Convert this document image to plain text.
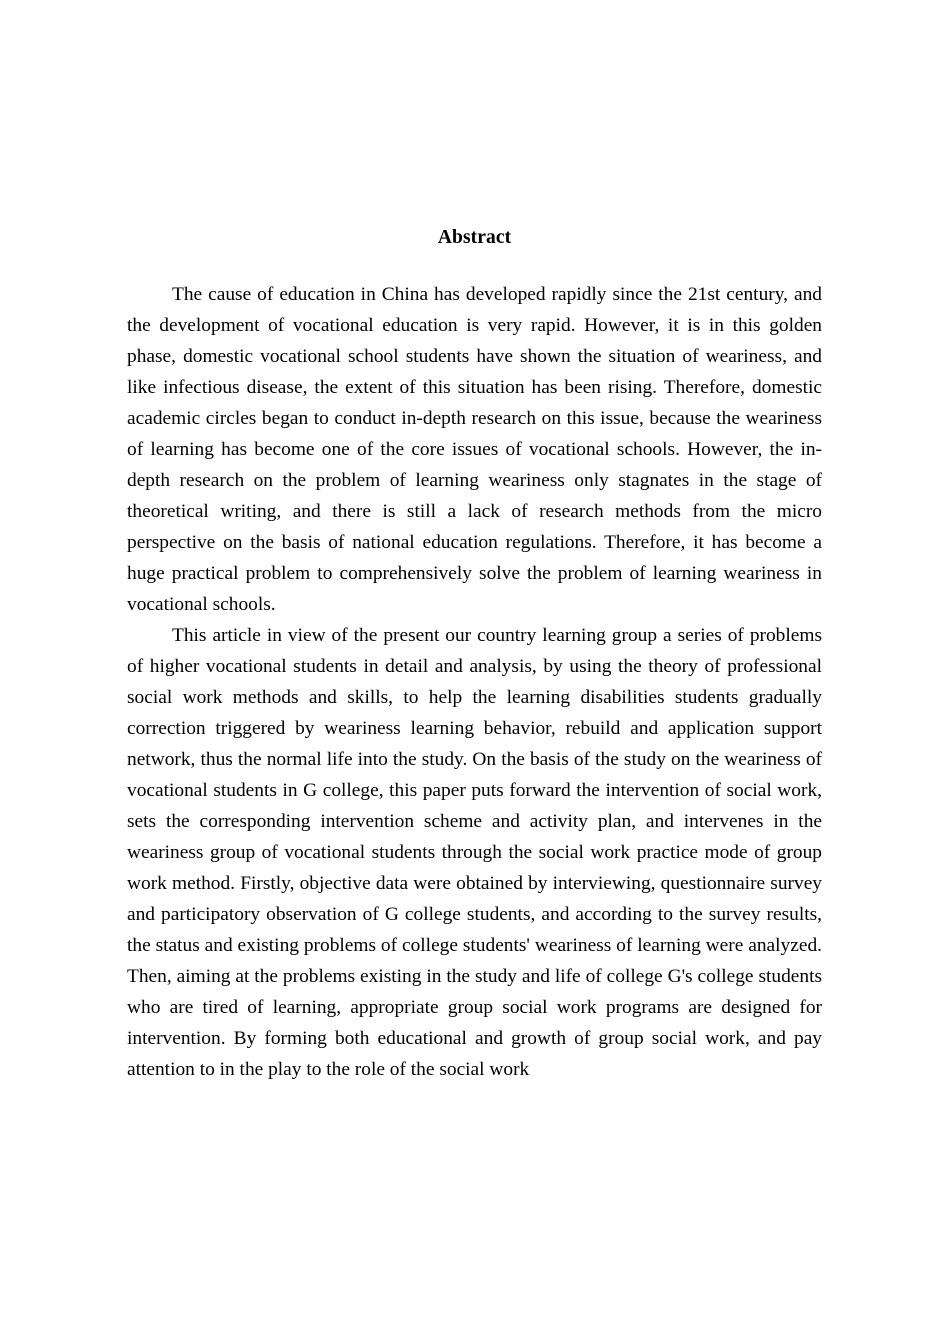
Abstract

The cause of education in China has developed rapidly since the 21st century, and the development of vocational education is very rapid. However, it is in this golden phase, domestic vocational school students have shown the situation of weariness, and like infectious disease, the extent of this situation has been rising. Therefore, domestic academic circles began to conduct in-depth research on this issue, because the weariness of learning has become one of the core issues of vocational schools. However, the in-depth research on the problem of learning weariness only stagnates in the stage of theoretical writing, and there is still a lack of research methods from the micro perspective on the basis of national education regulations. Therefore, it has become a huge practical problem to comprehensively solve the problem of learning weariness in vocational schools.

This article in view of the present our country learning group a series of problems of higher vocational students in detail and analysis, by using the theory of professional social work methods and skills, to help the learning disabilities students gradually correction triggered by weariness learning behavior, rebuild and application support network, thus the normal life into the study. On the basis of the study on the weariness of vocational students in G college, this paper puts forward the intervention of social work, sets the corresponding intervention scheme and activity plan, and intervenes in the weariness group of vocational students through the social work practice mode of group work method. Firstly, objective data were obtained by interviewing, questionnaire survey and participatory observation of G college students, and according to the survey results, the status and existing problems of college students' weariness of learning were analyzed. Then, aiming at the problems existing in the study and life of college G's college students who are tired of learning, appropriate group social work programs are designed for intervention. By forming both educational and growth of group social work, and pay attention to in the play to the role of the social work
